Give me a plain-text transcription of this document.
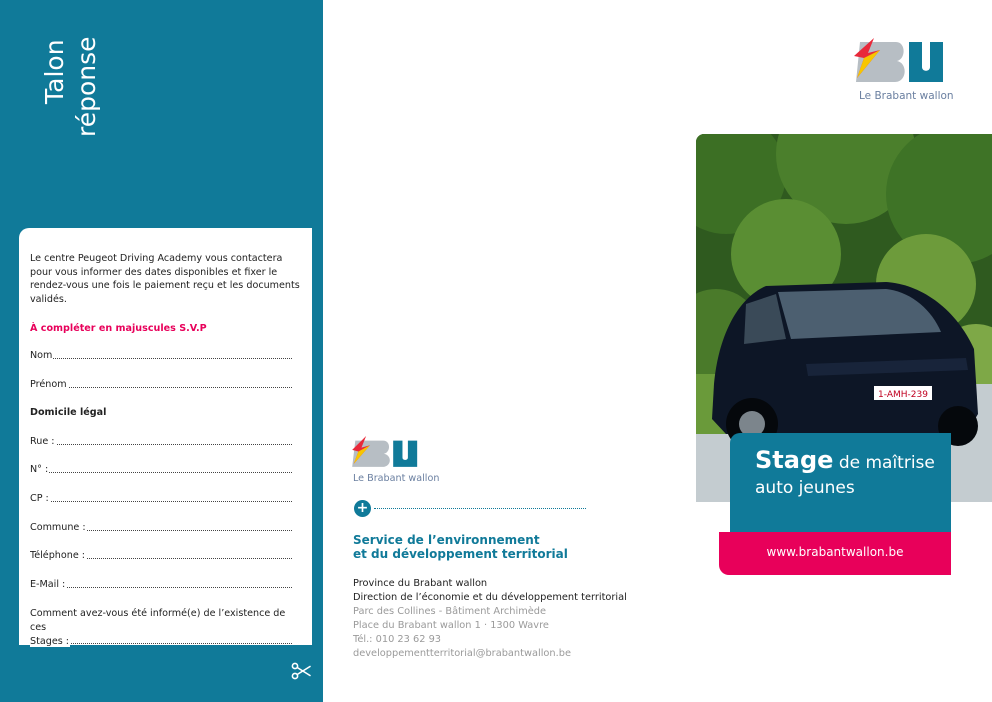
Talon réponse

Le centre Peugeot Driving Academy vous contactera pour vous informer des dates disponibles et fixer le rendez-vous une fois le paiement reçu et les documents validés.

À compléter en majuscules S.V.P

Nom
Prénom
Domicile légal
Rue :
N° :
CP :
Commune :
Téléphone :
E-Mail :
Comment avez-vous été informé(e) de l’existence de ces
Stages :
Le Brabant wallon
+
Service de l’environnement
et du développement territorial
Province du Brabant wallon
Direction de l’économie et du développement territorial
Parc des Collines - Bâtiment Archimède
Place du Brabant wallon 1 · 1300 Wavre
Tél.: 010 23 62 93
developpementterritorial@brabantwallon.be
Le Brabant wallon
1-AMH-239
Stage de maîtrise
auto jeunes
www.brabantwallon.be
